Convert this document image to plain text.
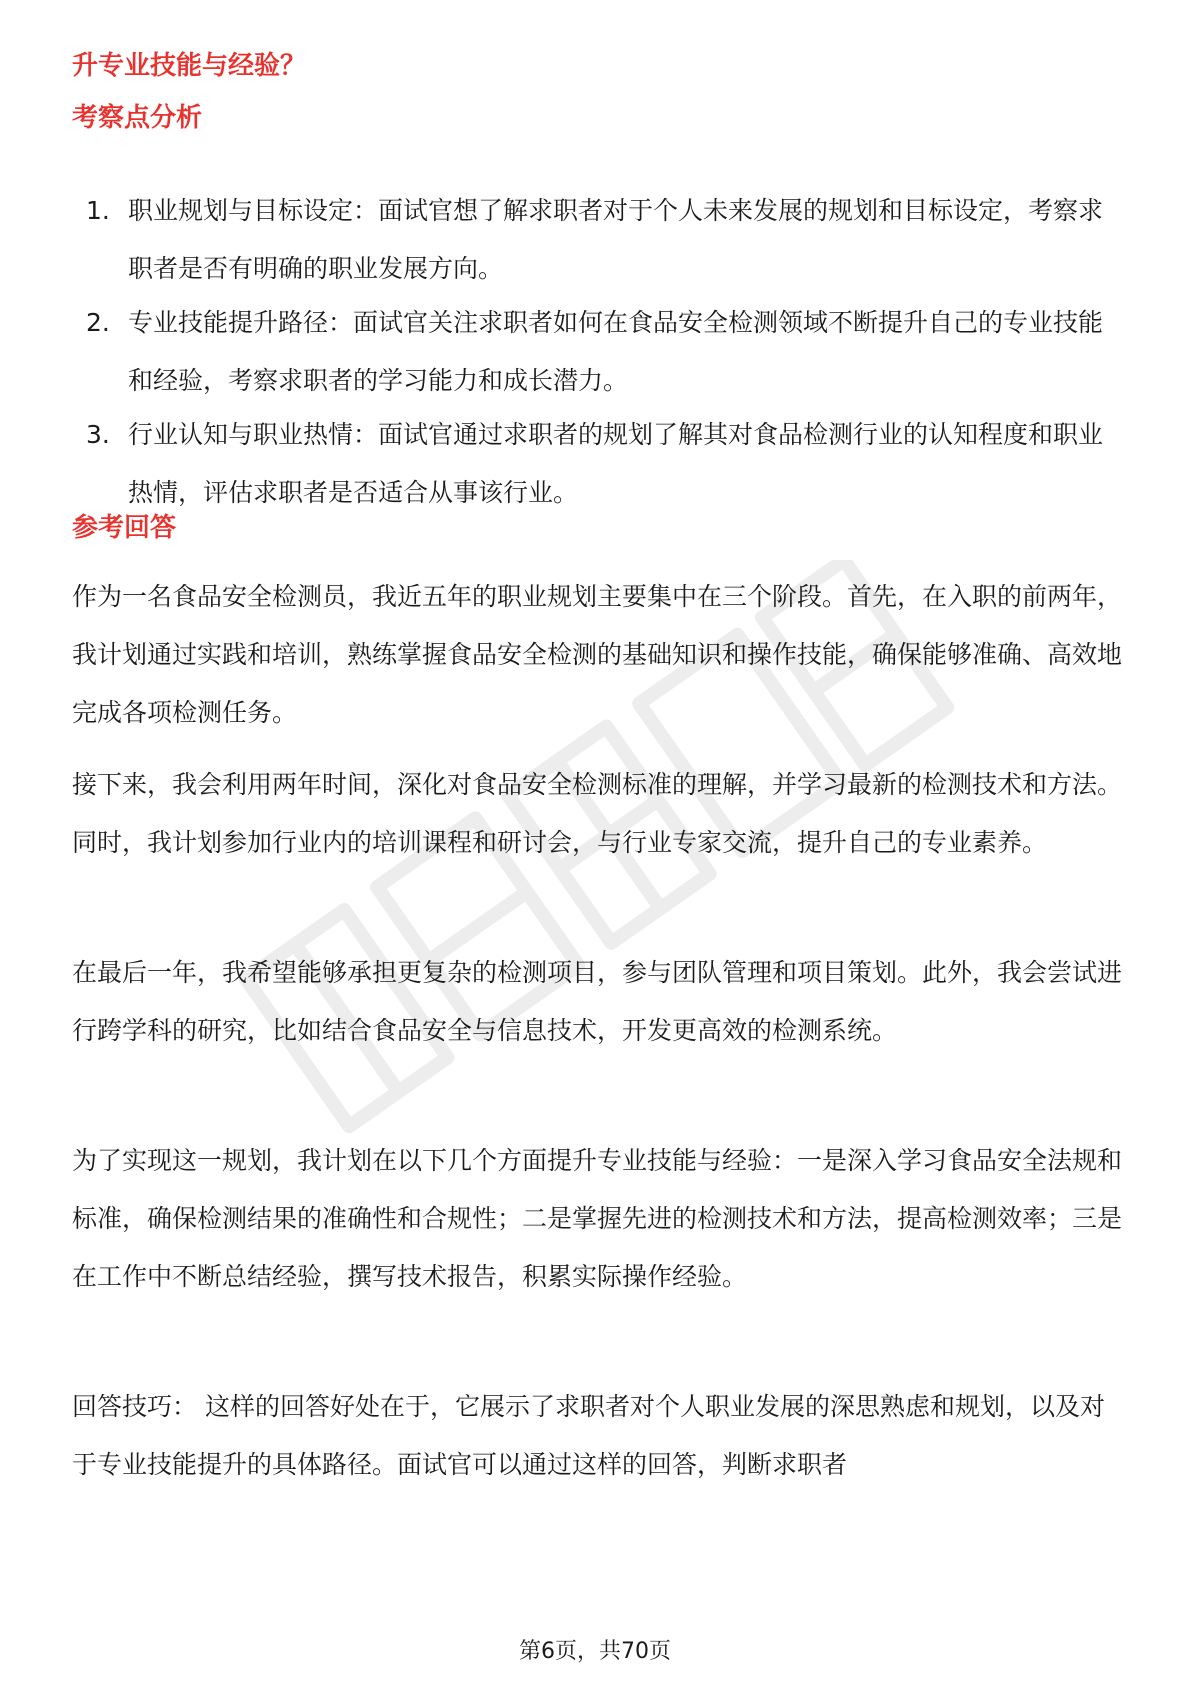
升专业技能与经验？
考察点分析
1. 职业规划与目标设定：面试官想了解求职者对于个人未来发展的规划和目标设定，考察求职者是否有明确的职业发展方向。
2. 专业技能提升路径：面试官关注求职者如何在食品安全检测领域不断提升自己的专业技能和经验，考察求职者的学习能力和成长潜力。
3. 行业认知与职业热情：面试官通过求职者的规划了解其对食品检测行业的认知程度和职业热情，评估求职者是否适合从事该行业。
参考回答

作为一名食品安全检测员，我近五年的职业规划主要集中在三个阶段。首先，在入职的前两年，我计划通过实践和培训，熟练掌握食品安全检测的基础知识和操作技能，确保能够准确、高效地完成各项检测任务。

接下来，我会利用两年时间，深化对食品安全检测标准的理解，并学习最新的检测技术和方法。同时，我计划参加行业内的培训课程和研讨会，与行业专家交流，提升自己的专业素养。

在最后一年，我希望能够承担更复杂的检测项目，参与团队管理和项目策划。此外，我会尝试进行跨学科的研究，比如结合食品安全与信息技术，开发更高效的检测系统。

为了实现这一规划，我计划在以下几个方面提升专业技能与经验：一是深入学习食品安全法规和标准，确保检测结果的准确性和合规性；二是掌握先进的检测技术和方法，提高检测效率；三是在工作中不断总结经验，撰写技术报告，积累实际操作经验。

回答技巧： 这样的回答好处在于，它展示了求职者对个人职业发展的深思熟虑和规划，以及对于专业技能提升的具体路径。面试官可以通过这样的回答，判断求职者

第6页，共70页
